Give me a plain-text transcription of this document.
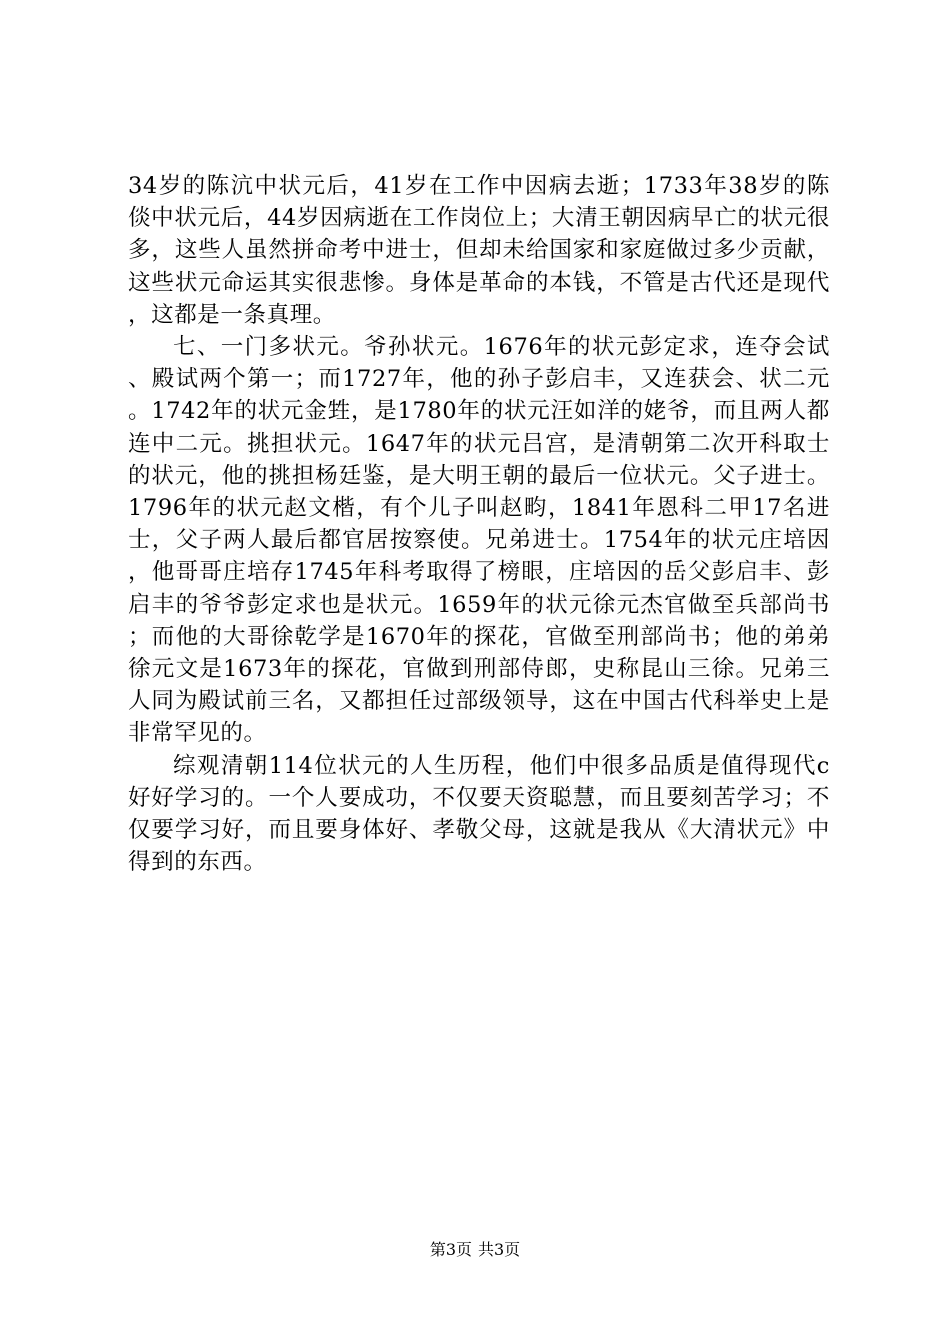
34岁的陈沆中状元后，41岁在工作中因病去逝；1733年38岁的陈倓中状元后，44岁因病逝在工作岗位上；大清王朝因病早亡的状元很多，这些人虽然拼命考中进士，但却未给国家和家庭做过多少贡献，这些状元命运其实很悲惨。身体是革命的本钱，不管是古代还是现代，这都是一条真理。

七、一门多状元。爷孙状元。1676年的状元彭定求，连夺会试、殿试两个第一；而1727年，他的孙子彭启丰，又连获会、状二元。1742年的状元金甡，是1780年的状元汪如洋的姥爷，而且两人都连中二元。挑担状元。1647年的状元吕宫，是清朝第二次开科取士的状元，他的挑担杨廷鉴，是大明王朝的最后一位状元。父子进士。1796年的状元赵文楷，有个儿子叫赵畇，1841年恩科二甲17名进士，父子两人最后都官居按察使。兄弟进士。1754年的状元庄培因，他哥哥庄培存1745年科考取得了榜眼，庄培因的岳父彭启丰、彭启丰的爷爷彭定求也是状元。1659年的状元徐元杰官做至兵部尚书；而他的大哥徐乾学是1670年的探花，官做至刑部尚书；他的弟弟徐元文是1673年的探花，官做到刑部侍郎，史称昆山三徐。兄弟三人同为殿试前三名，又都担任过部级领导，这在中国古代科举史上是非常罕见的。

综观清朝114位状元的人生历程，他们中很多品质是值得现代c好好学习的。一个人要成功，不仅要天资聪慧，而且要刻苦学习；不仅要学习好，而且要身体好、孝敬父母，这就是我从《大清状元》中得到的东西。

第3页 共3页
